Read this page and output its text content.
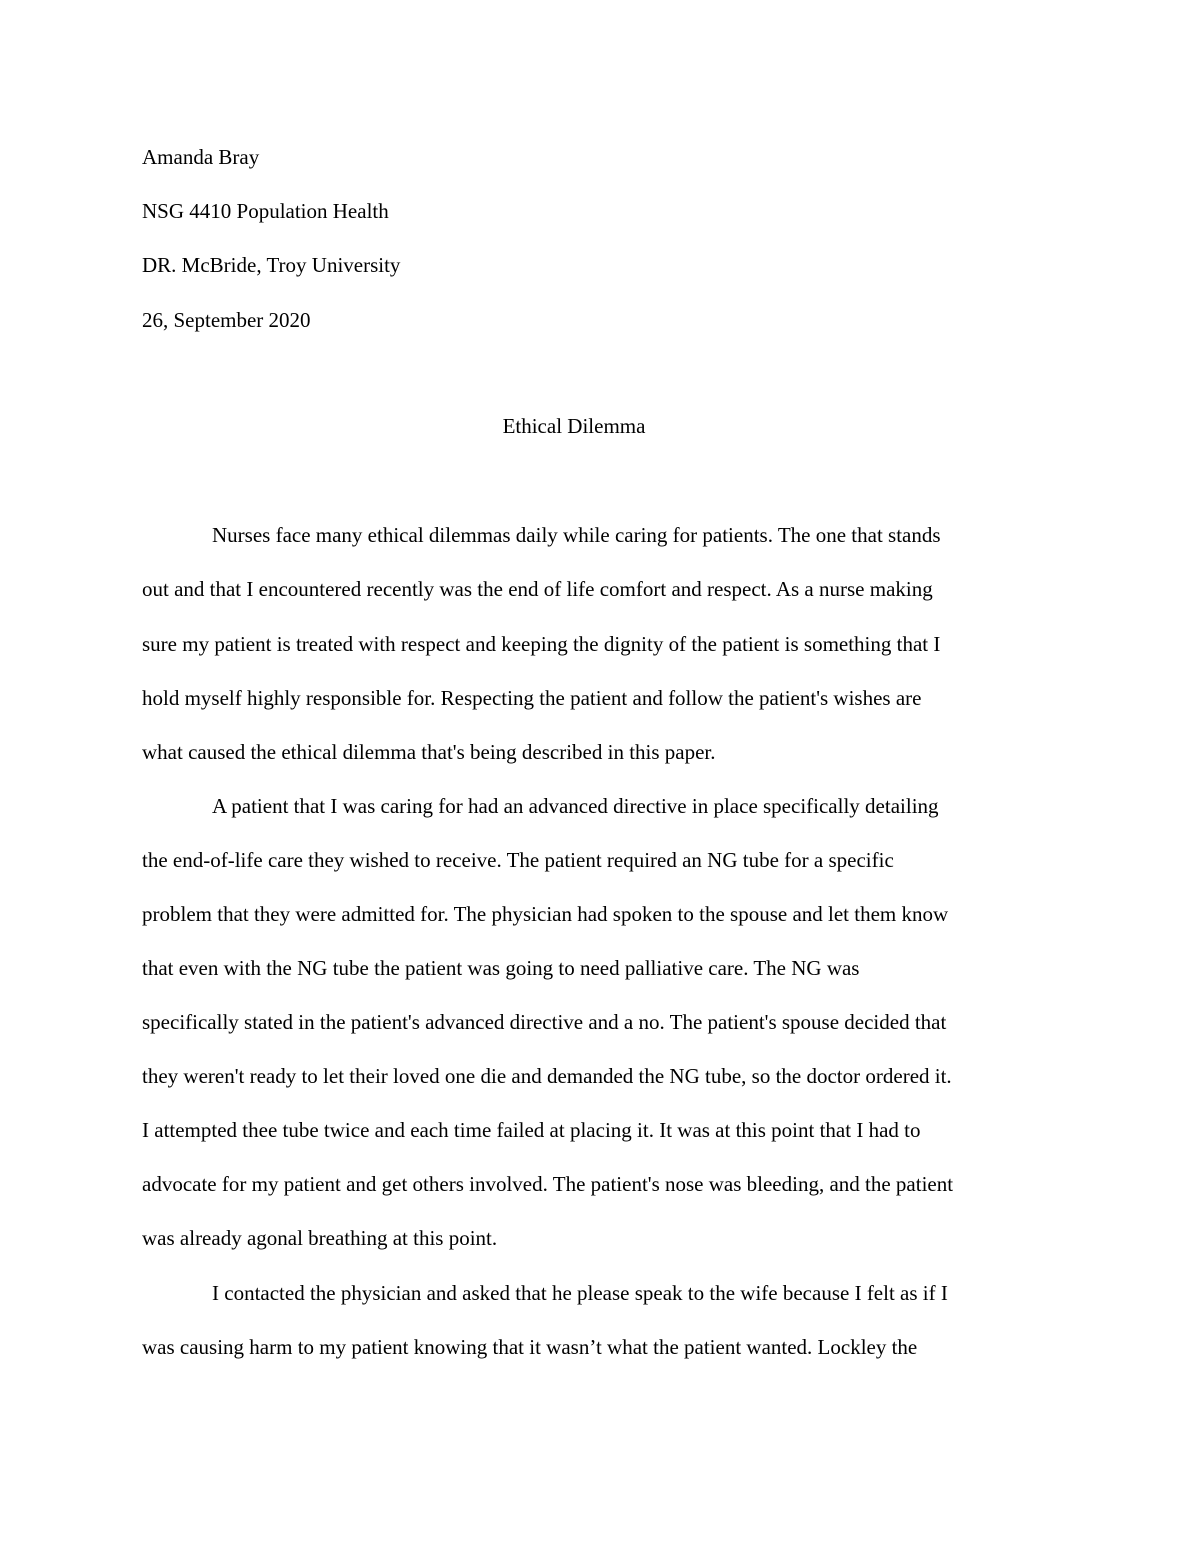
Amanda Bray
NSG 4410 Population Health
DR. McBride, Troy University
26, September 2020
Ethical Dilemma
Nurses face many ethical dilemmas daily while caring for patients. The one that stands
out and that I encountered recently was the end of life comfort and respect. As a nurse making
sure my patient is treated with respect and keeping the dignity of the patient is something that I
hold myself highly responsible for. Respecting the patient and follow the patient's wishes are
what caused the ethical dilemma that's being described in this paper.
A patient that I was caring for had an advanced directive in place specifically detailing
the end-of-life care they wished to receive. The patient required an NG tube for a specific
problem that they were admitted for. The physician had spoken to the spouse and let them know
that even with the NG tube the patient was going to need palliative care. The NG was
specifically stated in the patient's advanced directive and a no. The patient's spouse decided that
they weren't ready to let their loved one die and demanded the NG tube, so the doctor ordered it.
I attempted thee tube twice and each time failed at placing it. It was at this point that I had to
advocate for my patient and get others involved. The patient's nose was bleeding, and the patient
was already agonal breathing at this point.
I contacted the physician and asked that he please speak to the wife because I felt as if I
was causing harm to my patient knowing that it wasn’t what the patient wanted. Lockley the
